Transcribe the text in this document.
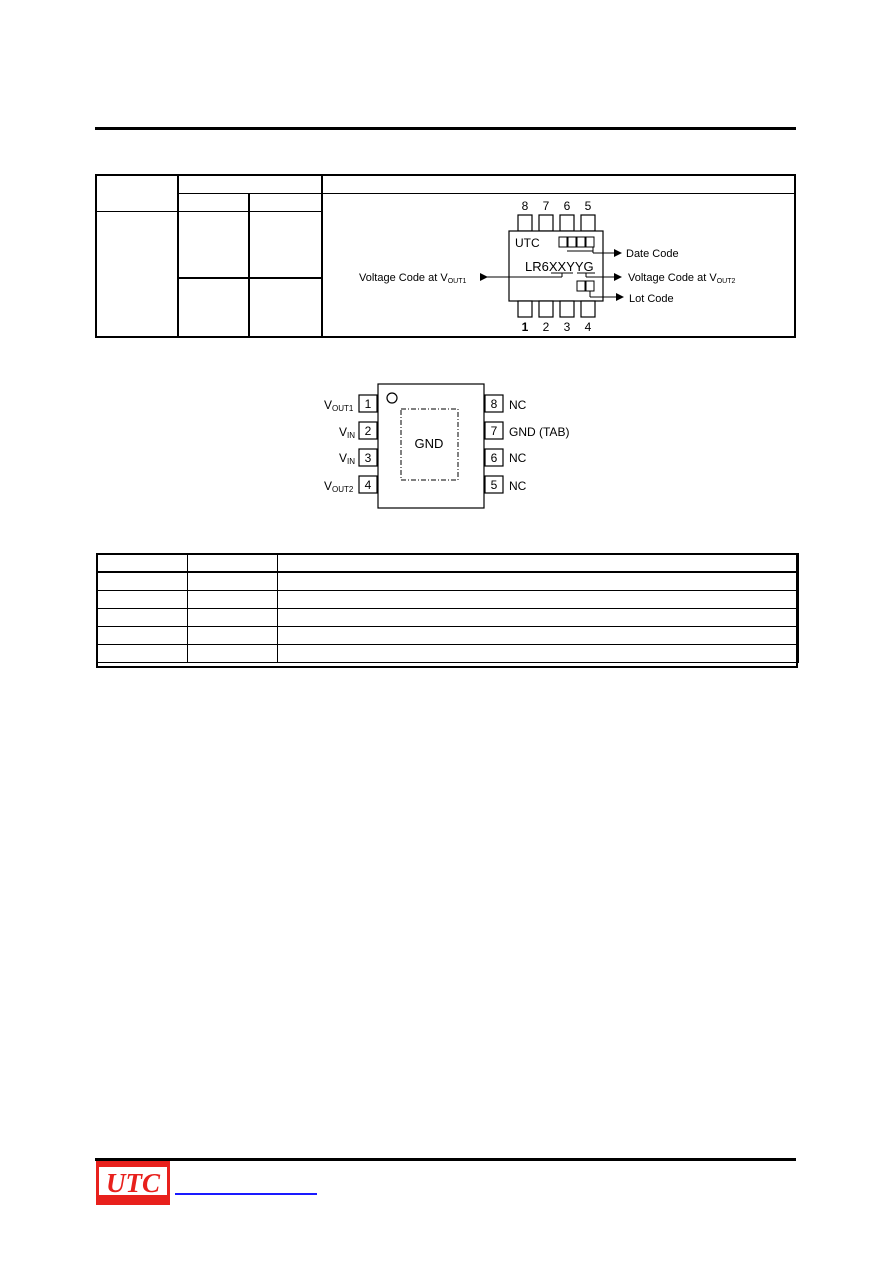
8 7 6 5
1 2 3 4
UTC
Date Code
LR6XXYYG
Voltage Code at VOUT1	Voltage Code at VOUT2
Lot Code
GND
1
VOUT1
2
VIN
3
VIN
4
VOUT2
8 NC
7 GND (TAB)
6 NC
5 NC

UTC
